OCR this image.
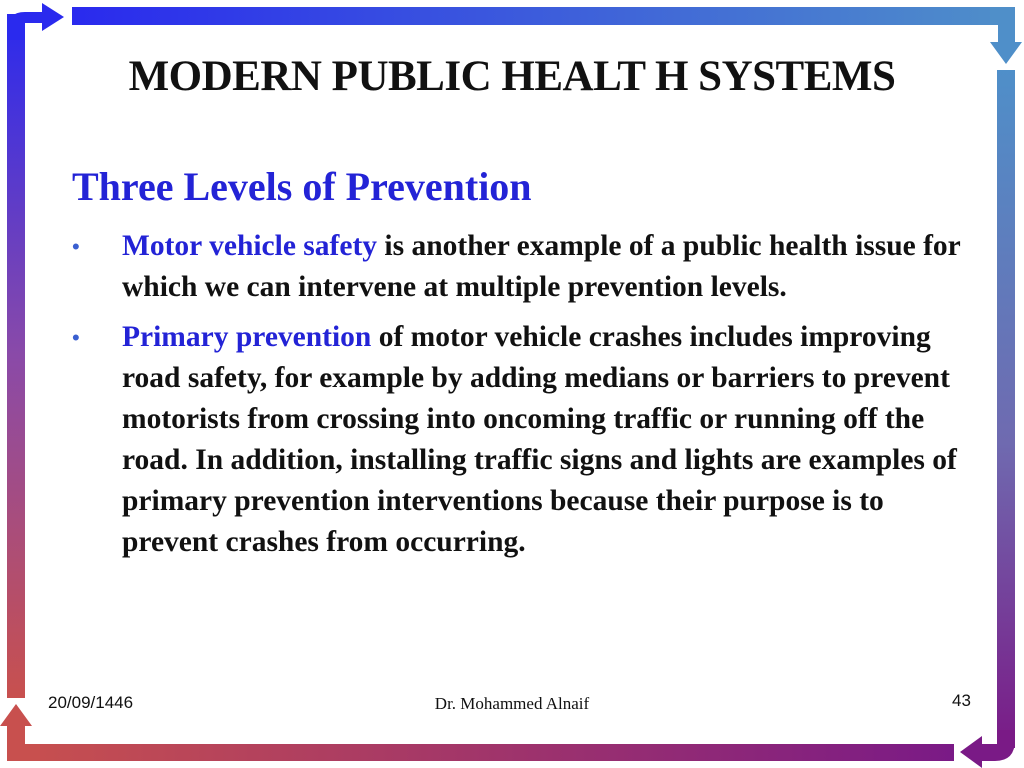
MODERN PUBLIC HEALT H SYSTEMS
Three Levels of Prevention
• Motor vehicle safety is another example of a public health issue for which we can intervene at multiple prevention levels.
• Primary prevention of motor vehicle crashes includes improving road safety, for example by adding medians or barriers to prevent motorists from crossing into oncoming traffic or running off the road. In addition, installing traffic signs and lights are examples of primary prevention interventions because their purpose is to prevent crashes from occurring.
20/09/1446	Dr. Mohammed Alnaif	43
